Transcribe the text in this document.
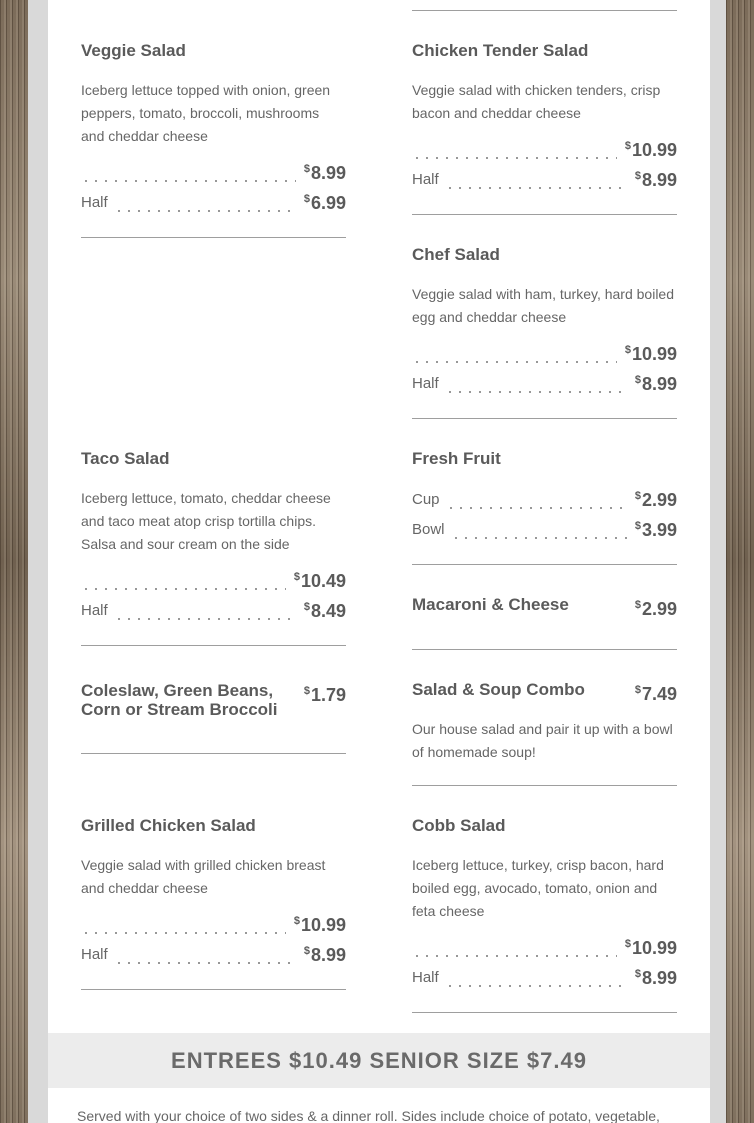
Veggie Salad
Iceberg lettuce topped with onion, green peppers, tomato, broccoli, mushrooms and cheddar cheese
$8.99
Half	$6.99
Taco Salad
Iceberg lettuce, tomato, cheddar cheese and taco meat atop crisp tortilla chips. Salsa and sour cream on the side
$10.49
Half	$8.49
Coleslaw, Green Beans, Corn or Stream Broccoli
$1.79
Grilled Chicken Salad
Veggie salad with grilled chicken breast and cheddar cheese
$10.99
Half	$8.99
Chicken Tender Salad
Veggie salad with chicken tenders, crisp bacon and cheddar cheese
$10.99
Half	$8.99
Chef Salad
Veggie salad with ham, turkey, hard boiled egg and cheddar cheese
$10.99
Half	$8.99
Fresh Fruit
Cup	$2.99
Bowl	$3.99
Macaroni & Cheese	$2.99
Salad & Soup Combo	$7.49
Our house salad and pair it up with a bowl of homemade soup!
Cobb Salad
Iceberg lettuce, turkey, crisp bacon, hard boiled egg, avocado, tomato, onion and feta cheese
$10.99
Half	$8.99
ENTREES $10.49 SENIOR SIZE $7.49
Served with your choice of two sides & a dinner roll. Sides include choice of potato, vegetable,
